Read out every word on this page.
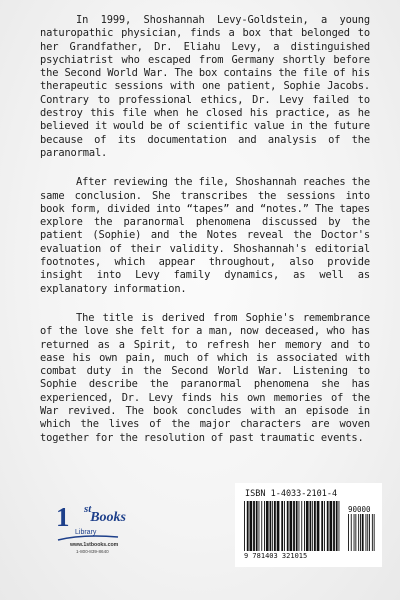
In 1999, Shoshannah Levy-Goldstein, a young naturopathic physician, finds a box that belonged to her Grandfather, Dr. Eliahu Levy, a distinguished psychiatrist who escaped from Germany shortly before the Second World War. The box contains the file of his therapeutic sessions with one patient, Sophie Jacobs. Contrary to professional ethics, Dr. Levy failed to destroy this file when he closed his practice, as he believed it would be of scientific value in the future because of its documentation and analysis of the paranormal.

After reviewing the file, Shoshannah reaches the same conclusion. She transcribes the sessions into book form, divided into “tapes” and “notes.” The tapes explore the paranormal phenomena discussed by the patient (Sophie) and the Notes reveal the Doctor's evaluation of their validity. Shoshannah's editorial footnotes, which appear throughout, also provide insight into Levy family dynamics, as well as explanatory information.

The title is derived from Sophie's remembrance of the love she felt for a man, now deceased, who has returned as a Spirit, to refresh her memory and to ease his own pain, much of which is associated with combat duty in the Second World War. Listening to Sophie describe the paranormal phenomena she has experienced, Dr. Levy finds his own memories of the War revived. The book concludes with an episode in which the lives of the major characters are woven together for the resolution of past traumatic events.

1 st
Books
Library
www.1stbooks.com
1-800-839-8640
ISBN 1-4033-2101-4
90000
9 781403 321015
